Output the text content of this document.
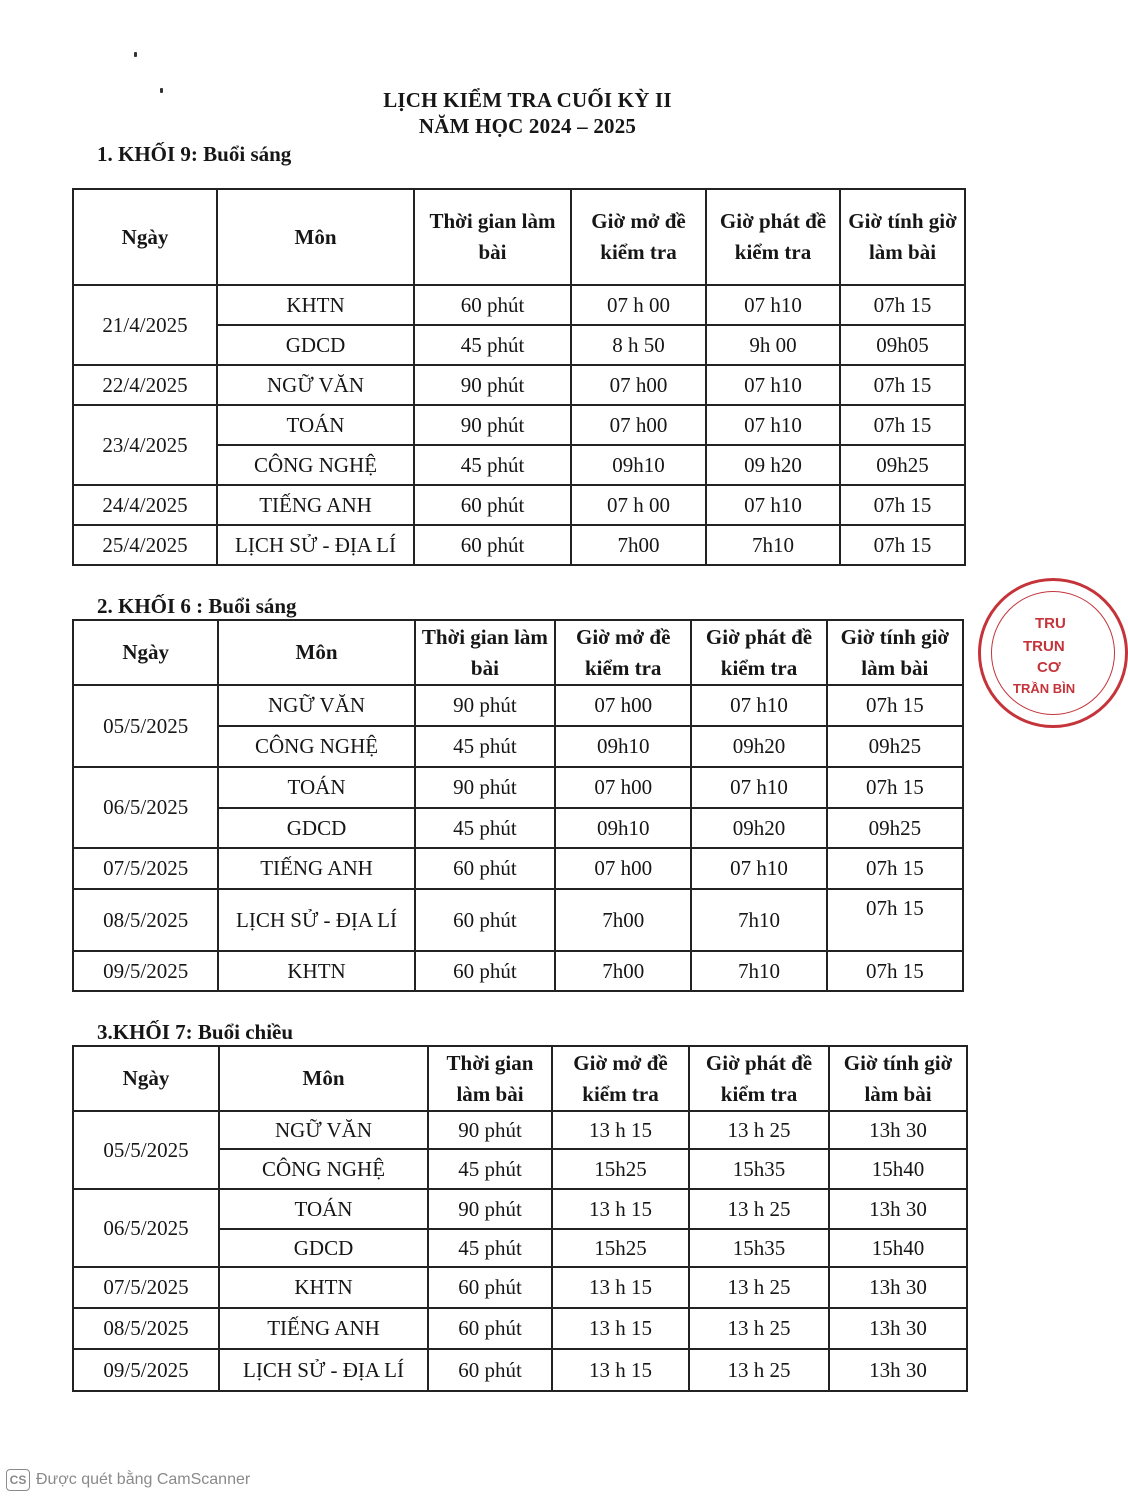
LỊCH KIỂM TRA CUỐI KỲ II
NĂM HỌC 2024 – 2025
1. KHỐI 9: Buổi sáng
Ngày	Môn	Thời gian làm bài	Giờ mở đề kiểm tra	Giờ phát đề kiểm tra	Giờ tính giờ làm bài
21/4/2025	KHTN	60 phút	07 h 00	07 h10	07h 15
	GDCD	45 phút	8 h 50	9h 00	09h05
22/4/2025	NGỮ VĂN	90 phút	07 h00	07 h10	07h 15
23/4/2025	TOÁN	90 phút	07 h00	07 h10	07h 15
	CÔNG NGHỆ	45 phút	09h10	09 h20	09h25
24/4/2025	TIẾNG ANH	60 phút	07 h 00	07 h10	07h 15
25/4/2025	LỊCH SỬ - ĐỊA LÍ	60 phút	7h00	7h10	07h 15
2. KHỐI 6 : Buổi sáng
Ngày	Môn	Thời gian làm bài	Giờ mở đề kiểm tra	Giờ phát đề kiểm tra	Giờ tính giờ làm bài
05/5/2025	NGỮ VĂN	90 phút	07 h00	07 h10	07h 15
	CÔNG NGHỆ	45 phút	09h10	09h20	09h25
06/5/2025	TOÁN	90 phút	07 h00	07 h10	07h 15
	GDCD	45 phút	09h10	09h20	09h25
07/5/2025	TIẾNG ANH	60 phút	07 h00	07 h10	07h 15
08/5/2025	LỊCH SỬ - ĐỊA LÍ	60 phút	7h00	7h10	07h 15
09/5/2025	KHTN	60 phút	7h00	7h10	07h 15
3.KHỐI 7: Buổi chiều
Ngày	Môn	Thời gian làm bài	Giờ mở đề kiểm tra	Giờ phát đề kiểm tra	Giờ tính giờ làm bài
05/5/2025	NGỮ VĂN	90 phút	13 h 15	13 h 25	13h 30
	CÔNG NGHỆ	45 phút	15h25	15h35	15h40
06/5/2025	TOÁN	90 phút	13 h 15	13 h 25	13h 30
	GDCD	45 phút	15h25	15h35	15h40
07/5/2025	KHTN	60 phút	13 h 15	13 h 25	13h 30
08/5/2025	TIẾNG ANH	60 phút	13 h 15	13 h 25	13h 30
09/5/2025	LỊCH SỬ - ĐỊA LÍ	60 phút	13 h 15	13 h 25	13h 30
TRU
TRUN
CƠ
TRẦN BÌN
CS Được quét bằng CamScanner
